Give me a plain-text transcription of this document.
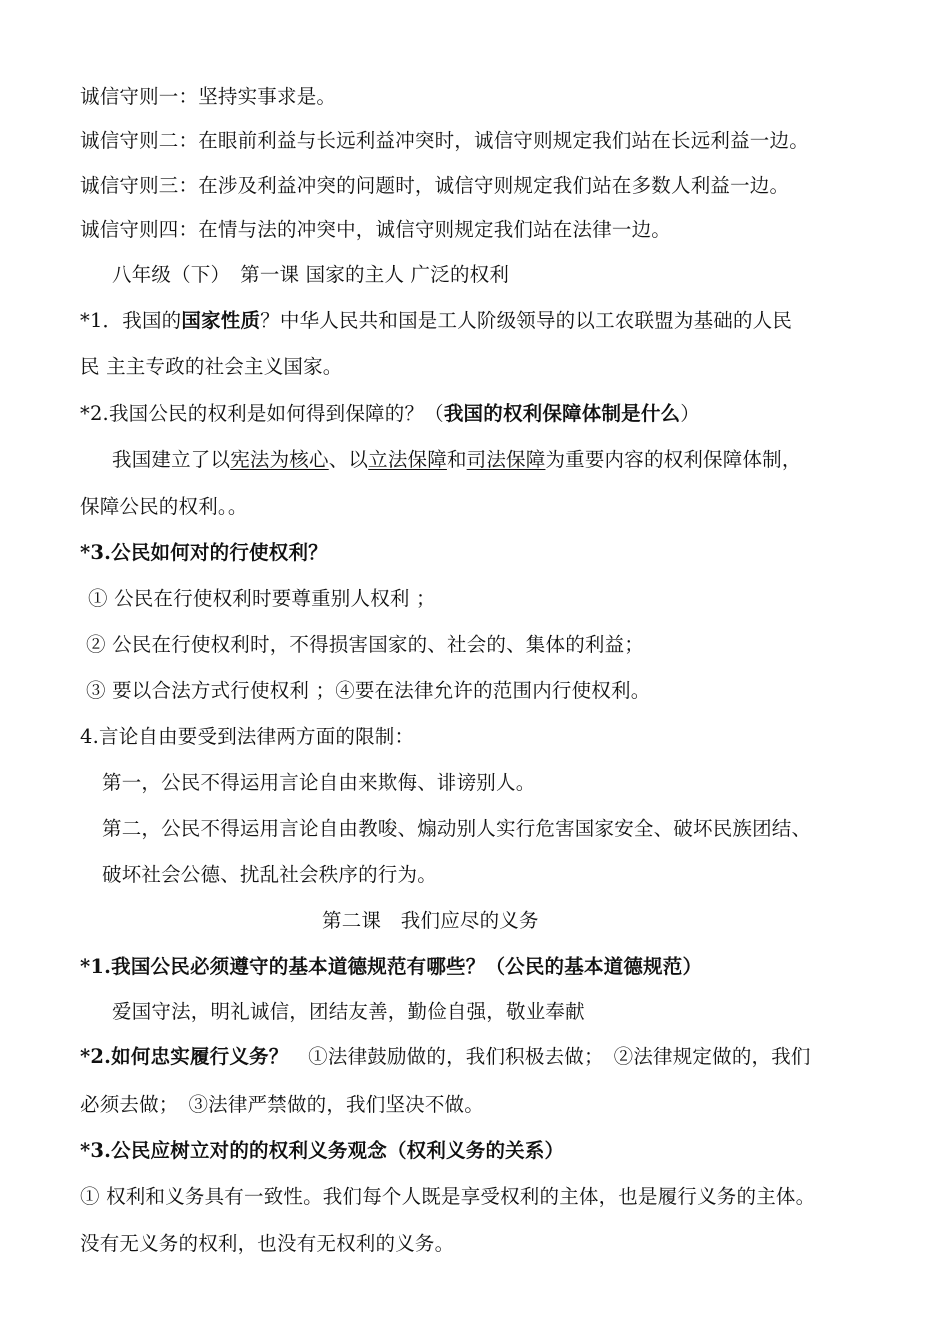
诚信守则一：坚持实事求是。
诚信守则二：在眼前利益与长远利益冲突时，诚信守则规定我们站在长远利益一边。
诚信守则三：在涉及利益冲突的问题时，诚信守则规定我们站在多数人利益一边。
诚信守则四：在情与法的冲突中，诚信守则规定我们站在法律一边。
八年级（下）　第一课 国家的主人 广泛的权利
*1．我国的国家性质？中华人民共和国是工人阶级领导的以工农联盟为基础的人民
民 主主专政的社会主义国家。
*2.我国公民的权利是如何得到保障的？（我国的权利保障体制是什么）
我国建立了以宪法为核心、以立法保障和司法保障为重要内容的权利保障体制，
保障公民的权利。。
*3.公民如何对的行使权利？
① 公民在行使权利时要尊重别人权利 ；
② 公民在行使权利时，不得损害国家的、社会的、集体的利益；
③ 要以合法方式行使权利 ；④要在法律允许的范围内行使权利。
4.言论自由要受到法律两方面的限制：
第一，公民不得运用言论自由来欺侮、诽谤别人。
第二，公民不得运用言论自由教唆、煽动别人实行危害国家安全、破坏民族团结、
破坏社会公德、扰乱社会秩序的行为。
第二课　我们应尽的义务
*1.我国公民必须遵守的基本道德规范有哪些？（公民的基本道德规范）
爱国守法，明礼诚信，团结友善，勤俭自强，敬业奉献
*2.如何忠实履行义务？　①法律鼓励做的，我们积极去做；　②法律规定做的，我们
必须去做；　③法律严禁做的，我们坚决不做。
*3.公民应树立对的的权利义务观念（权利义务的关系）
① 权利和义务具有一致性。我们每个人既是享受权利的主体，也是履行义务的主体。
没有无义务的权利，也没有无权利的义务。
